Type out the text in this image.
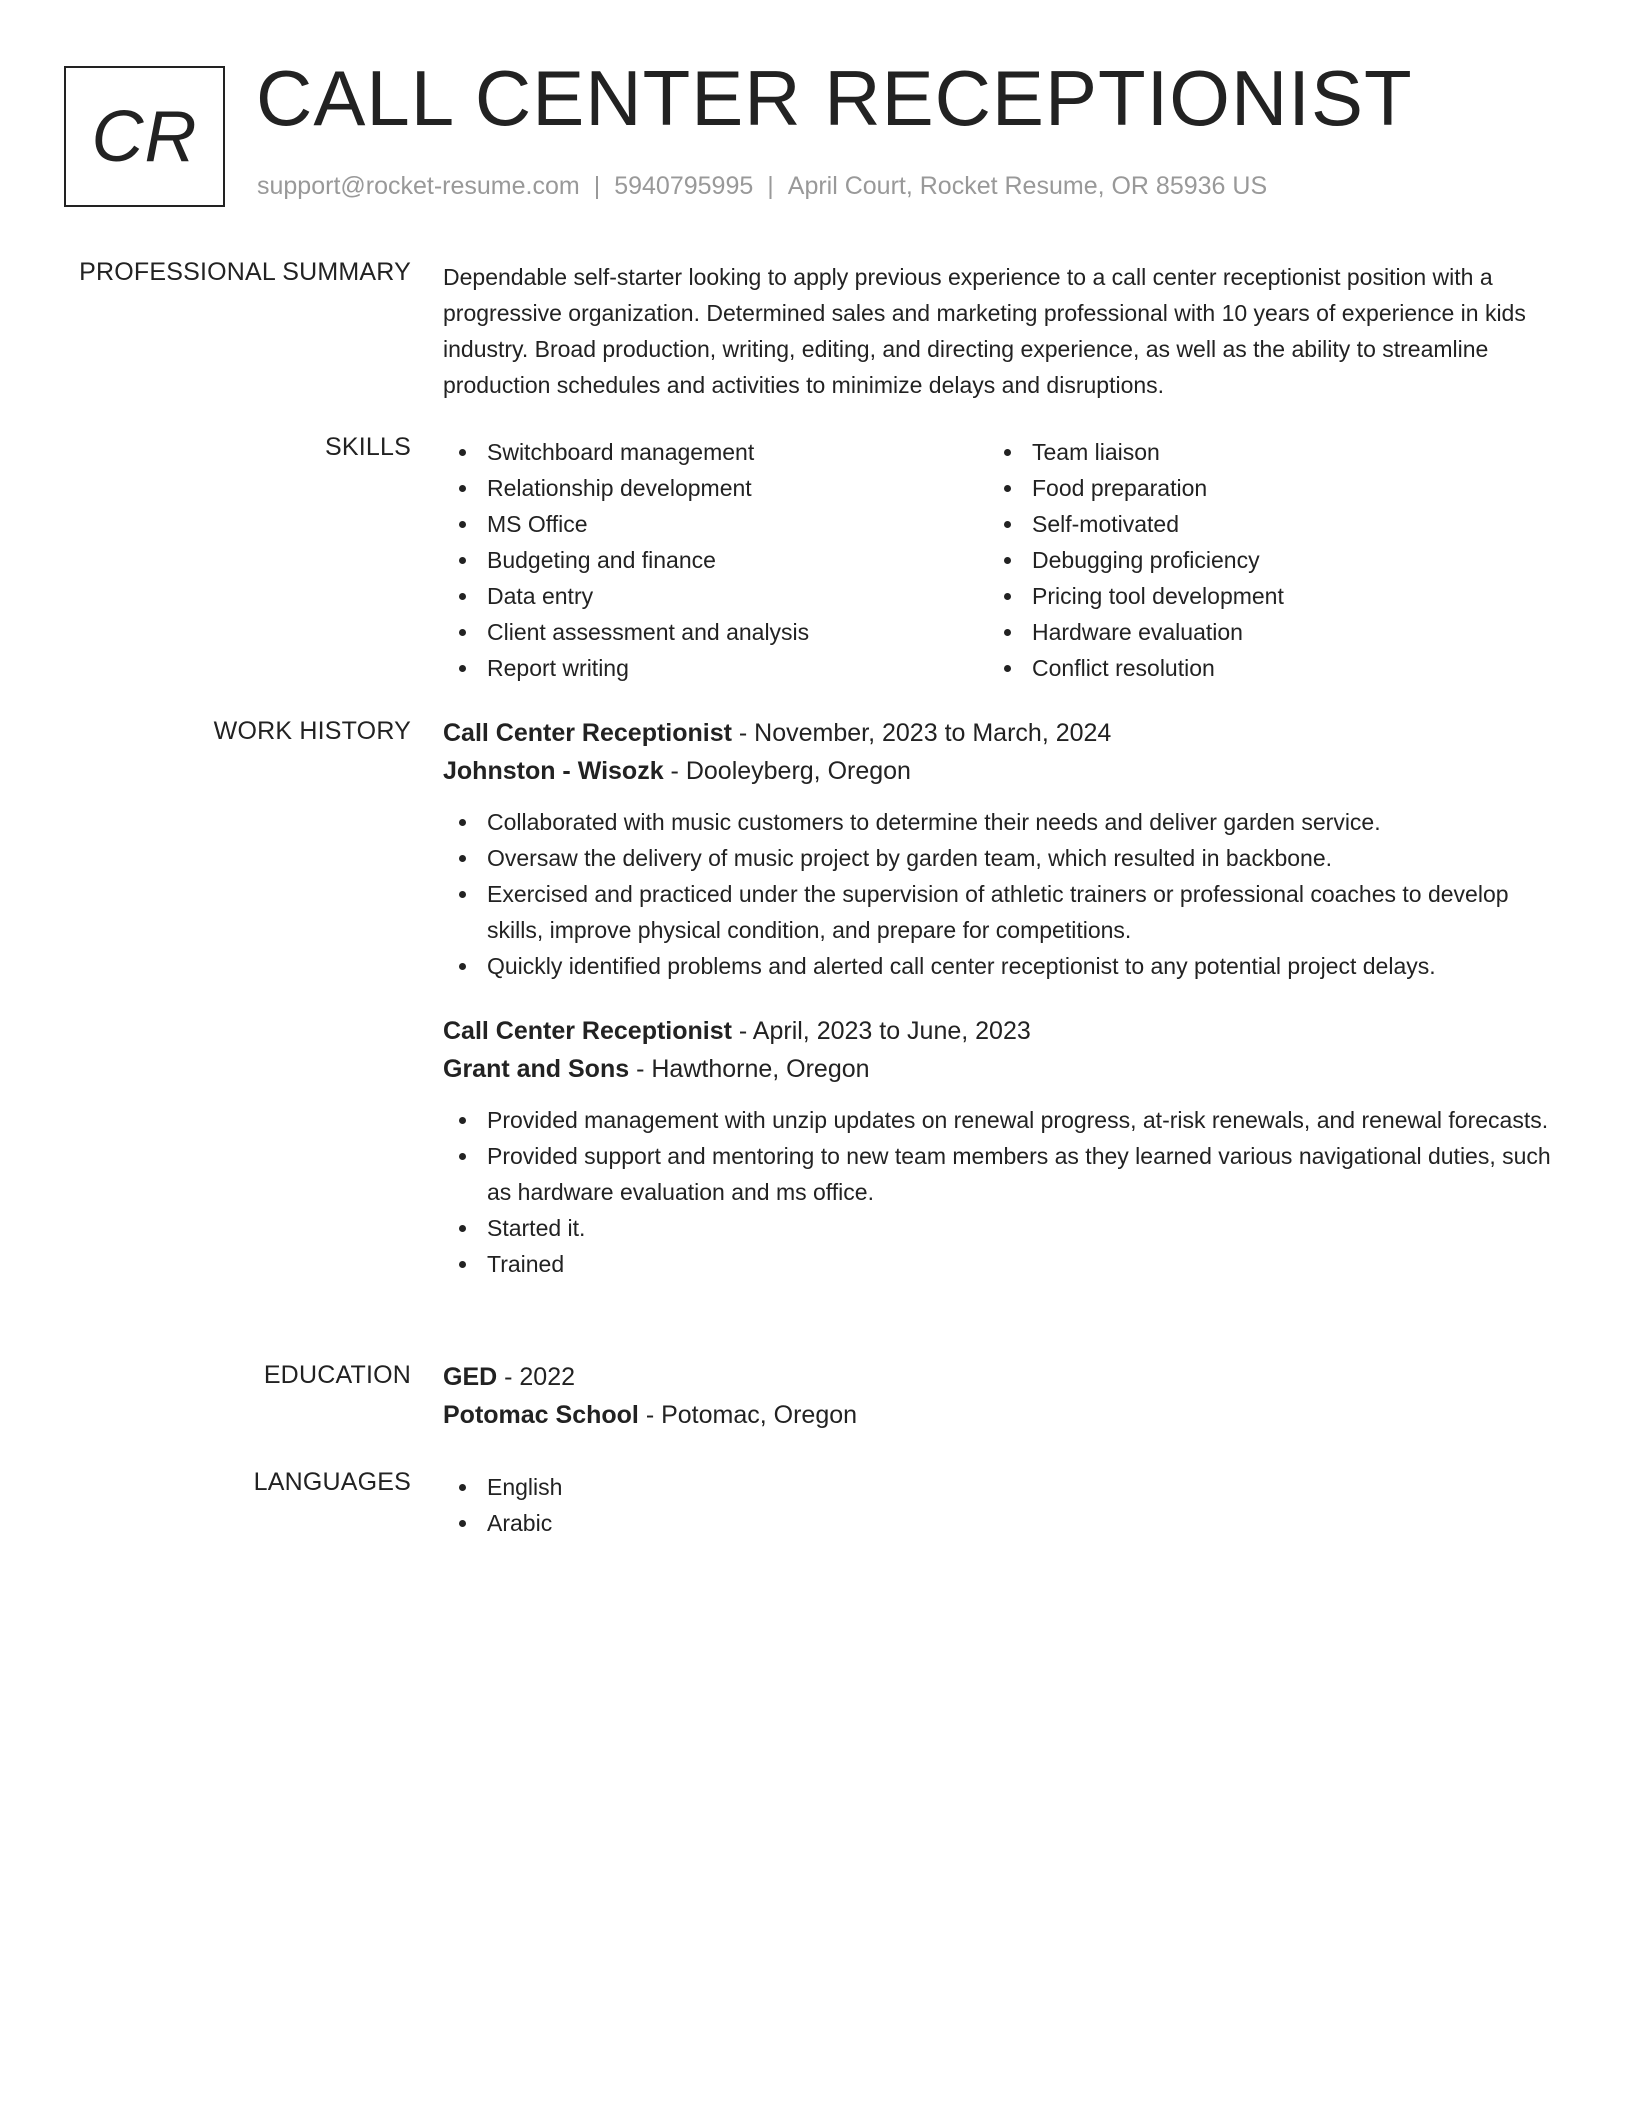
CR CALL CENTER RECEPTIONIST
support@rocket-resume.com | 5940795995 | April Court, Rocket Resume, OR 85936 US
PROFESSIONAL SUMMARY Dependable self-starter looking to apply previous experience to a call center receptionist position with a progressive organization. Determined sales and marketing professional with 10 years of experience in kids industry. Broad production, writing, editing, and directing experience, as well as the ability to streamline production schedules and activities to minimize delays and disruptions.

SKILLS	Switchboard management
Relationship development
MS Office
Budgeting and finance
Data entry
Client assessment and analysis
Report writing
Team liaison
Food preparation
Self-motivated
Debugging proficiency
Pricing tool development
Hardware evaluation
Conflict resolution
WORK HISTORY Call Center Receptionist - November, 2023 to March, 2024
Johnston - Wisozk - Dooleyberg, Oregon
Collaborated with music customers to determine their needs and deliver garden service.
Oversaw the delivery of music project by garden team, which resulted in backbone.
Exercised and practiced under the supervision of athletic trainers or professional coaches to develop skills, improve physical condition, and prepare for competitions.
Quickly identified problems and alerted call center receptionist to any potential project delays.
Call Center Receptionist - April, 2023 to June, 2023
Grant and Sons - Hawthorne, Oregon
Provided management with unzip updates on renewal progress, at-risk renewals, and renewal forecasts.
Provided support and mentoring to new team members as they learned various navigational duties, such as hardware evaluation and ms office.
Started it.
Trained
EDUCATION GED - 2022
Potomac School - Potomac, Oregon
LANGUAGES	English
Arabic
